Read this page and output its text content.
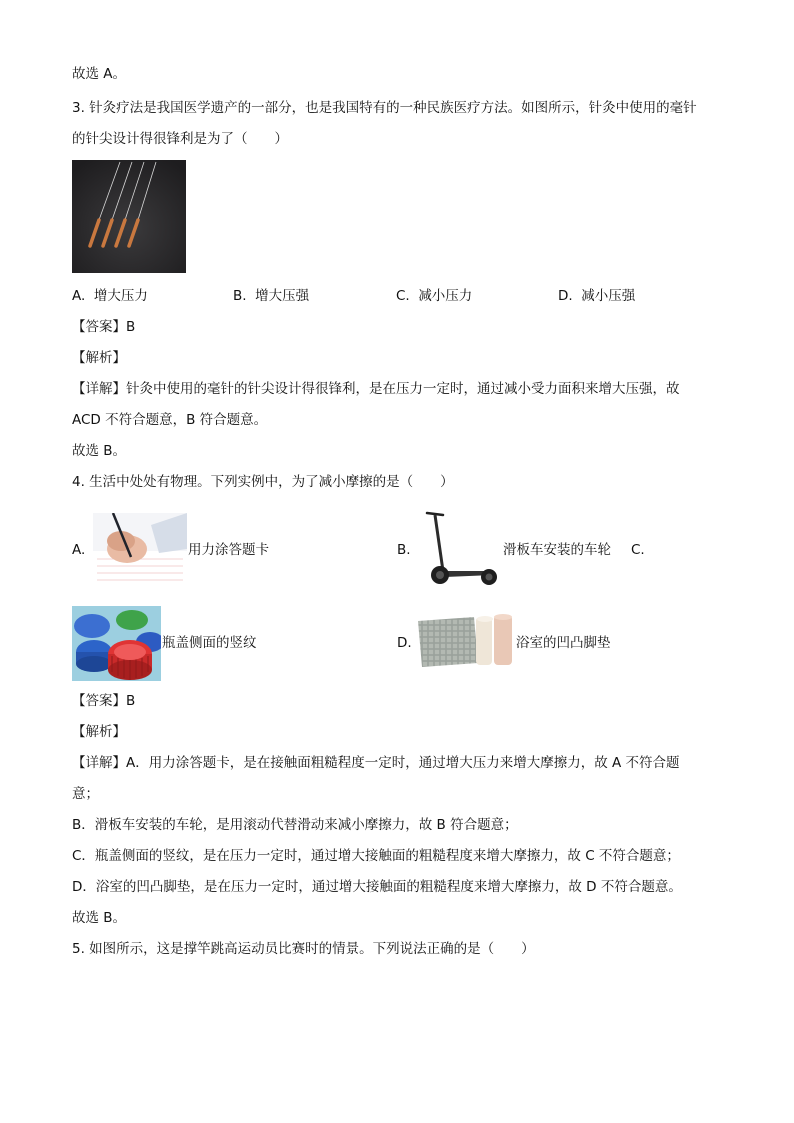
故选 A。
3. 针灸疗法是我国医学遗产的一部分，也是我国特有的一种民族医疗方法。如图所示，针灸中使用的毫针
的针尖设计得很锋利是为了（　　）
A. 增大压力	B. 增大压强	C. 减小压力	D. 减小压强
【答案】B
【解析】
【详解】针灸中使用的毫针的针尖设计得很锋利，是在压力一定时，通过减小受力面积来增大压强，故
ACD 不符合题意，B 符合题意。
故选 B。
4. 生活中处处有物理。下列实例中，为了减小摩擦的是（　　）
A.	用力涂答题卡	B.	滑板车安装的车轮 C.
瓶盖侧面的竖纹	D.	浴室的凹凸脚垫
【答案】B
【解析】
【详解】A．用力涂答题卡，是在接触面粗糙程度一定时，通过增大压力来增大摩擦力，故 A 不符合题
意；
B．滑板车安装的车轮，是用滚动代替滑动来减小摩擦力，故 B 符合题意；
C．瓶盖侧面的竖纹，是在压力一定时，通过增大接触面的粗糙程度来增大摩擦力，故 C 不符合题意；
D．浴室的凹凸脚垫，是在压力一定时，通过增大接触面的粗糙程度来增大摩擦力，故 D 不符合题意。
故选 B。
5. 如图所示，这是撑竿跳高运动员比赛时的情景。下列说法正确的是（　　）
